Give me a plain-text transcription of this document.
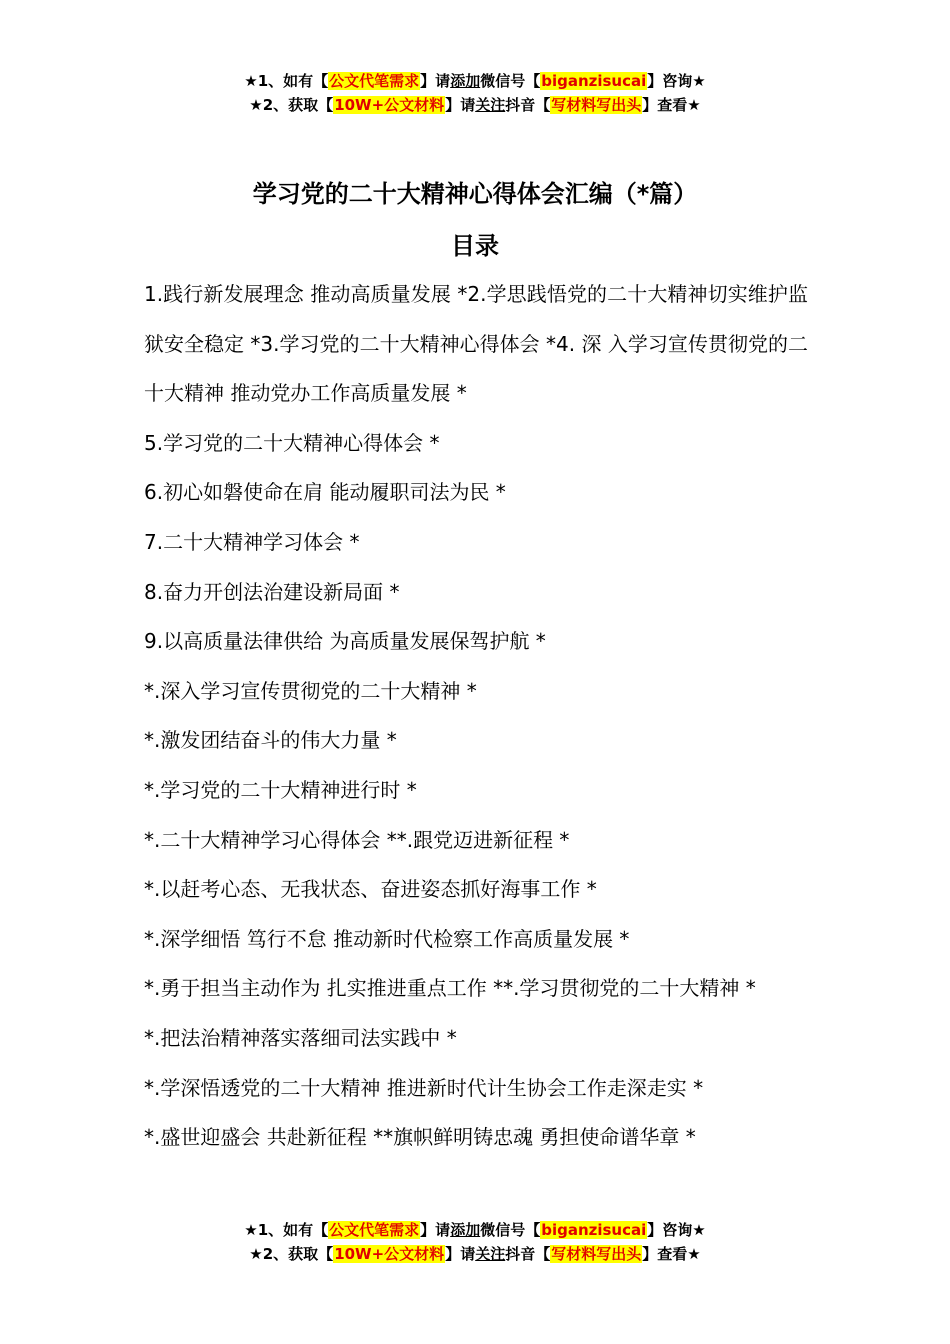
★1、如有【公文代笔需求】请添加微信号【biganzisucai】咨询★
★2、获取【10W+公文材料】请关注抖音【写材料写出头】查看★
学习党的二十大精神心得体会汇编（*篇）
目录

1.践行新发展理念 推动高质量发展 *2.学思践悟党的二十大精神切实维护监狱安全稳定 *3.学习党的二十大精神心得体会 *4. 深 入学习宣传贯彻党的二十大精神 推动党办工作高质量发展 *

5.学习党的二十大精神心得体会 *

6.初心如磐使命在肩 能动履职司法为民 *

7.二十大精神学习体会 *

8.奋力开创法治建设新局面 *

9.以高质量法律供给 为高质量发展保驾护航 *

*.深入学习宣传贯彻党的二十大精神 *

*.激发团结奋斗的伟大力量 *

*.学习党的二十大精神进行时 *

*.二十大精神学习心得体会 **.跟党迈进新征程 *

*.以赶考心态、无我状态、奋进姿态抓好海事工作 *

*.深学细悟 笃行不怠 推动新时代检察工作高质量发展 *

*.勇于担当主动作为 扎实推进重点工作 **.学习贯彻党的二十大精神 *

*.把法治精神落实落细司法实践中 *

*.学深悟透党的二十大精神 推进新时代计生协会工作走深走实 *

*.盛世迎盛会 共赴新征程 **旗帜鲜明铸忠魂 勇担使命谱华章 *

★1、如有【公文代笔需求】请添加微信号【biganzisucai】咨询★
★2、获取【10W+公文材料】请关注抖音【写材料写出头】查看★
